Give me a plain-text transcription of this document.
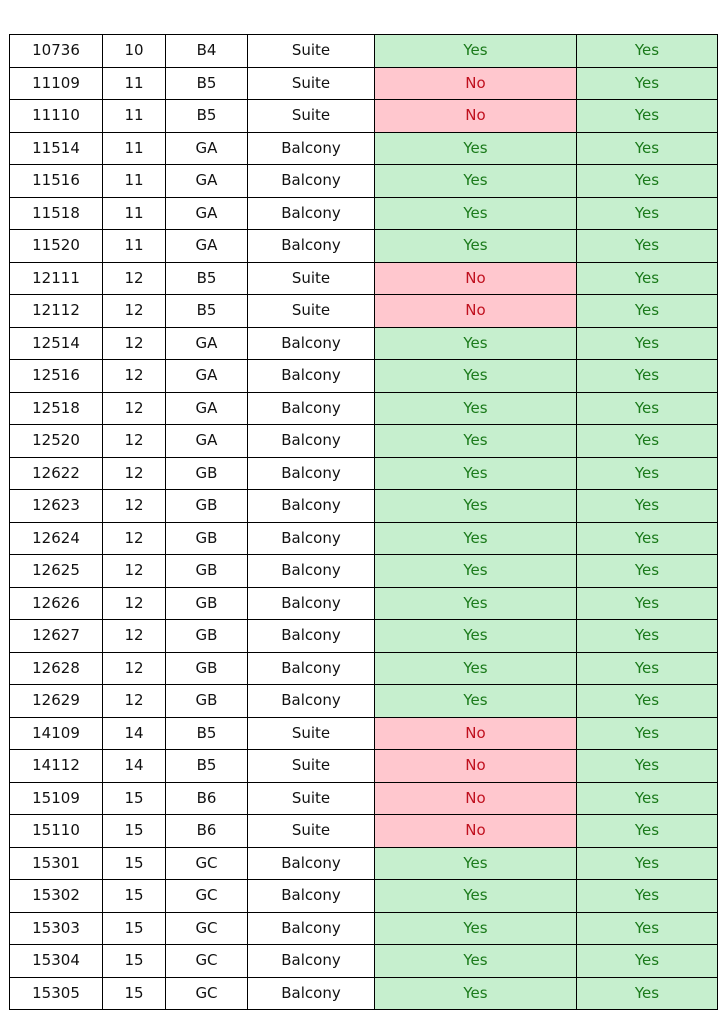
10736	10	B4	Suite	Yes	Yes
11109	11	B5	Suite	No	Yes
11110	11	B5	Suite	No	Yes
11514	11	GA	Balcony	Yes	Yes
11516	11	GA	Balcony	Yes	Yes
11518	11	GA	Balcony	Yes	Yes
11520	11	GA	Balcony	Yes	Yes
12111	12	B5	Suite	No	Yes
12112	12	B5	Suite	No	Yes
12514	12	GA	Balcony	Yes	Yes
12516	12	GA	Balcony	Yes	Yes
12518	12	GA	Balcony	Yes	Yes
12520	12	GA	Balcony	Yes	Yes
12622	12	GB	Balcony	Yes	Yes
12623	12	GB	Balcony	Yes	Yes
12624	12	GB	Balcony	Yes	Yes
12625	12	GB	Balcony	Yes	Yes
12626	12	GB	Balcony	Yes	Yes
12627	12	GB	Balcony	Yes	Yes
12628	12	GB	Balcony	Yes	Yes
12629	12	GB	Balcony	Yes	Yes
14109	14	B5	Suite	No	Yes
14112	14	B5	Suite	No	Yes
15109	15	B6	Suite	No	Yes
15110	15	B6	Suite	No	Yes
15301	15	GC	Balcony	Yes	Yes
15302	15	GC	Balcony	Yes	Yes
15303	15	GC	Balcony	Yes	Yes
15304	15	GC	Balcony	Yes	Yes
15305	15	GC	Balcony	Yes	Yes
